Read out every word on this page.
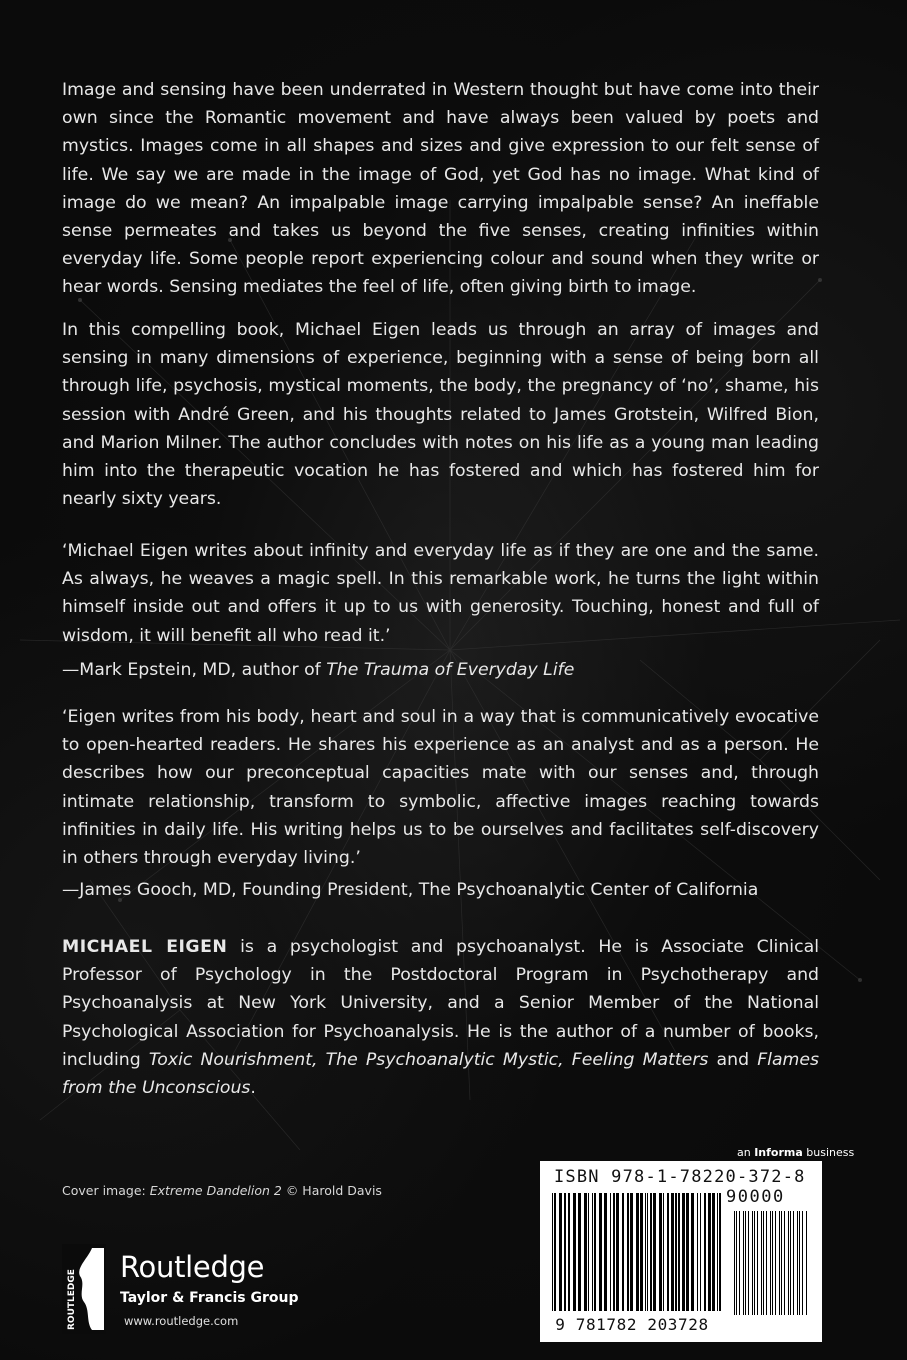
Image and sensing have been underrated in Western thought but have come into their own since the Romantic movement and have always been valued by poets and mystics. Images come in all shapes and sizes and give expression to our felt sense of life. We say we are made in the image of God, yet God has no image. What kind of image do we mean? An impalpable image carrying impalpable sense? An ineffable sense permeates and takes us beyond the five senses, creating infinities within everyday life. Some people report experiencing colour and sound when they write or hear words. Sensing mediates the feel of life, often giving birth to image.

In this compelling book, Michael Eigen leads us through an array of images and sensing in many dimensions of experience, beginning with a sense of being born all through life, psychosis, mystical moments, the body, the pregnancy of ‘no’, shame, his session with André Green, and his thoughts related to James Grotstein, Wilfred Bion, and Marion Milner. The author concludes with notes on his life as a young man leading him into the therapeutic vocation he has fostered and which has fostered him for nearly sixty years.

‘Michael Eigen writes about infinity and everyday life as if they are one and the same. As always, he weaves a magic spell. In this remarkable work, he turns the light within himself inside out and offers it up to us with generosity. Touching, honest and full of wisdom, it will benefit all who read it.’

—Mark Epstein, MD, author of The Trauma of Everyday Life

‘Eigen writes from his body, heart and soul in a way that is communicatively evocative to open-hearted readers. He shares his experience as an analyst and as a person. He describes how our preconceptual capacities mate with our senses and, through intimate relationship, transform to symbolic, affective images reaching towards infinities in daily life. His writing helps us to be ourselves and facilitates self-discovery in others through everyday living.’

—James Gooch, MD, Founding President, The Psychoanalytic Center of California

MICHAEL EIGEN is a psychologist and psychoanalyst. He is Associate Clinical Professor of Psychology in the Postdoctoral Program in Psychotherapy and Psychoanalysis at New York University, and a Senior Member of the National Psychological Association for Psychoanalysis. He is the author of a number of books, including Toxic Nourishment, The Psychoanalytic Mystic, Feeling Matters and Flames from the Unconscious.

Cover image: Extreme Dandelion 2 © Harold Davis
ROUTLEDGE
Routledge
Taylor & Francis Group
www.routledge.com
an Informa business
ISBN 978-1-78220-372-8
90000
9 781782 203728
